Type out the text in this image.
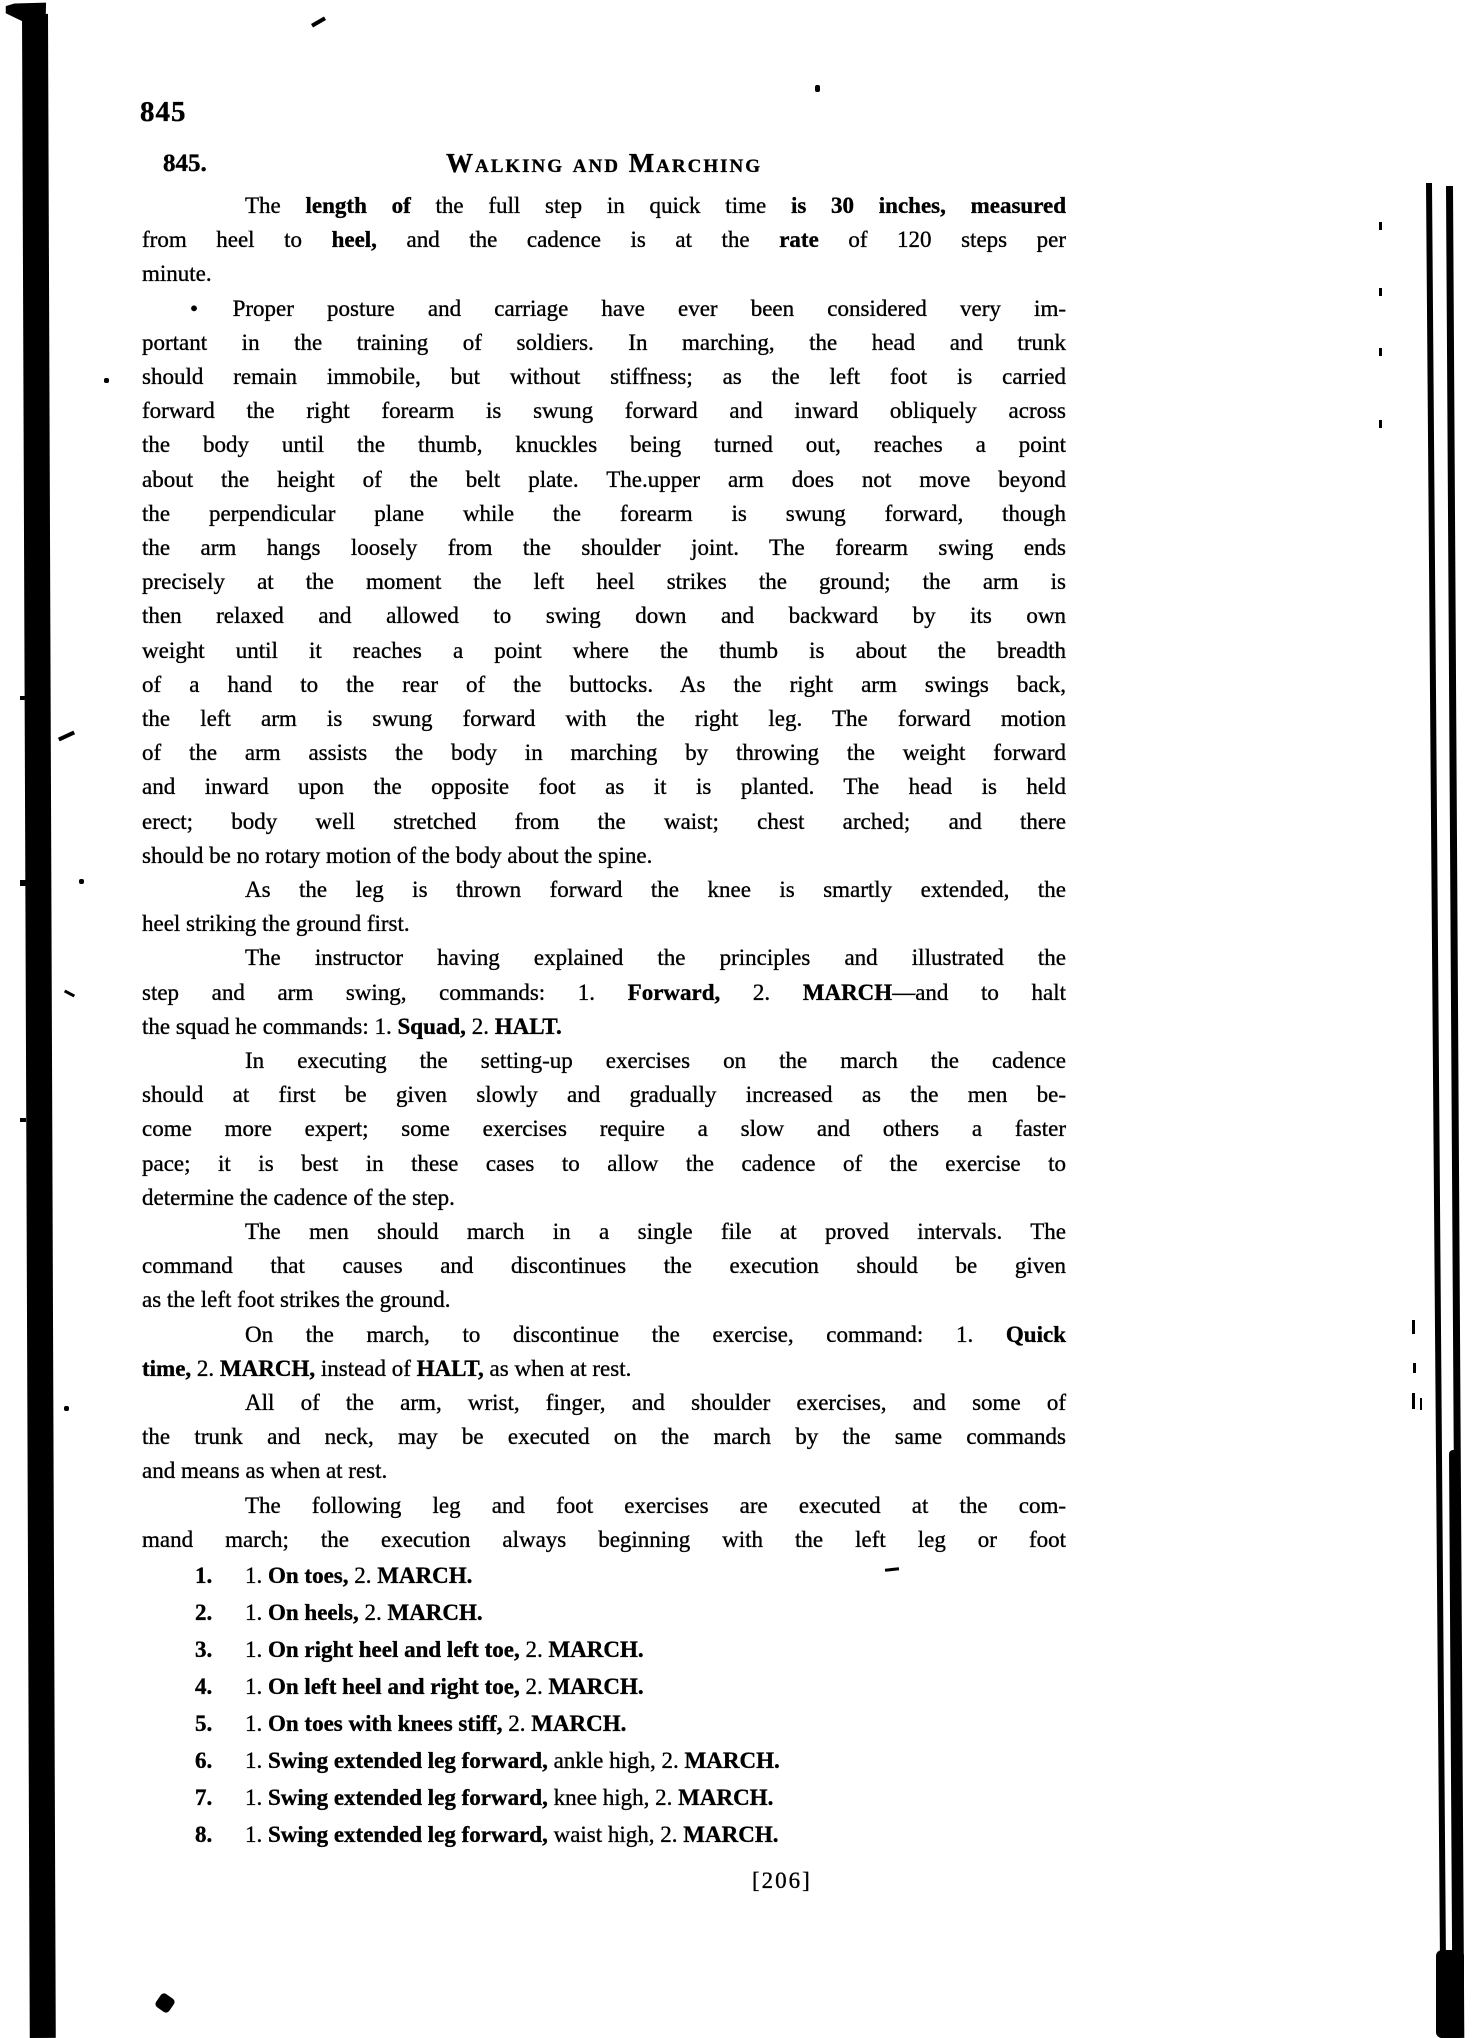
845
845.	Walking and Marching
The length of the full step in quick time is 30 inches, measured
from heel to heel, and the cadence is at the rate of 120 steps per
minute.
•   Proper posture and carriage have ever been considered very im-
portant in the training of soldiers. In marching, the head and trunk
should remain immobile, but without stiffness; as the left foot is carried
forward the right forearm is swung forward and inward obliquely across
the body until the thumb, knuckles being turned out, reaches a point
about the height of the belt plate. The.upper arm does not move beyond
the perpendicular plane while the forearm is swung forward, though
the arm hangs loosely from the shoulder joint. The forearm swing ends
precisely at the moment the left heel strikes the ground; the arm is
then relaxed and allowed to swing down and backward by its own
weight until it reaches a point where the thumb is about the breadth
of a hand to the rear of the buttocks. As the right arm swings back,
the left arm is swung forward with the right leg. The forward motion
of the arm assists the body in marching by throwing the weight forward
and inward upon the opposite foot as it is planted. The head is held
erect; body well stretched from the waist; chest arched; and there
should be no rotary motion of the body about the spine.
As the leg is thrown forward the knee is smartly extended, the
heel striking the ground first.
The instructor having explained the principles and illustrated the
step and arm swing, commands: 1. Forward, 2. MARCH—and to halt
the squad he commands: 1. Squad, 2. HALT.
In executing the setting-up exercises on the march the cadence
should at first be given slowly and gradually increased as the men be-
come more expert; some exercises require a slow and others a faster
pace; it is best in these cases to allow the cadence of the exercise to
determine the cadence of the step.
The men should march in a single file at proved intervals. The
command that causes and discontinues the execution should be given
as the left foot strikes the ground.
On the march, to discontinue the exercise, command: 1. Quick
time, 2. MARCH, instead of HALT, as when at rest.
All of the arm, wrist, finger, and shoulder exercises, and some of
the trunk and neck, may be executed on the march by the same commands
and means as when at rest.
The following leg and foot exercises are executed at the com-
mand march; the execution always beginning with the left leg or foot
1. 1. On toes, 2. MARCH.
2. 1. On heels, 2. MARCH.
3. 1. On right heel and left toe, 2. MARCH.
4. 1. On left heel and right toe, 2. MARCH.
5. 1. On toes with knees stiff, 2. MARCH.
6. 1. Swing extended leg forward, ankle high, 2. MARCH.
7. 1. Swing extended leg forward, knee high, 2. MARCH.
8. 1. Swing extended leg forward, waist high, 2. MARCH.
[206]
